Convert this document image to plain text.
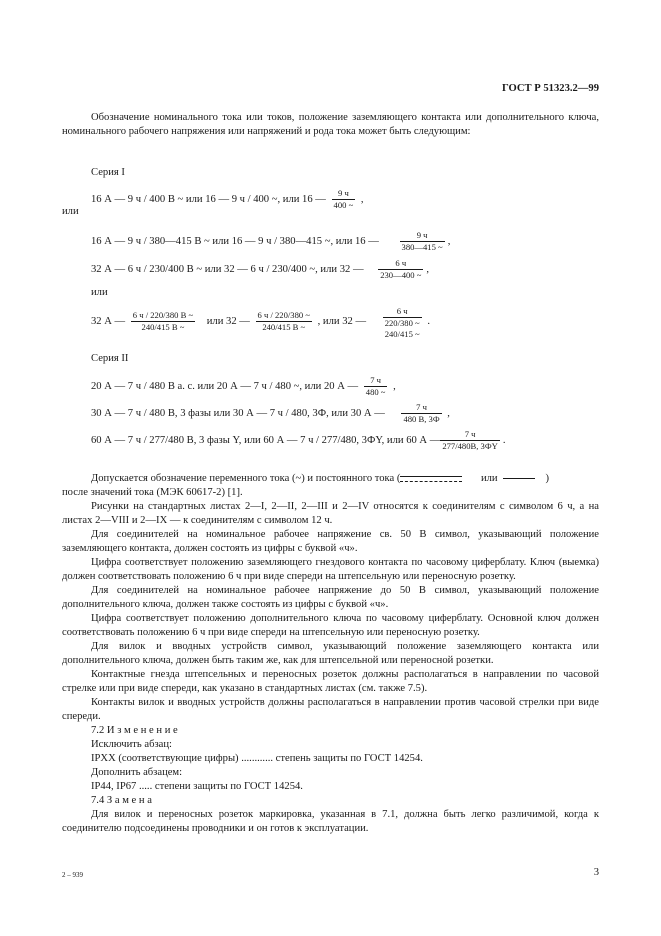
ГОСТ Р 51323.2—99

Обозначение номинального тока или токов, положение заземляющего контакта или дополнительного ключа, номинального рабочего напряжения или напряжений и рода тока может быть следующим:

Серия I
16 А — 9 ч / 400 В ~ или 16 — 9 ч / 400 ~, или 16 — $\frac{9 ч}{400 \sim}$ ,
или
16 А — 9 ч / 380—415 В ~ или 16 — 9 ч / 380—415 ~, или 16 — $\frac{9 ч}{380—415 \sim}$ ,
32 А — 6 ч / 230/400 В ~ или 32 — 6 ч / 230/400 ~, или 32 — $\frac{6 ч}{230—400 \sim}$ ,
или
32 А — $\frac{6 ч / 220/380 В \sim}{240/415 В \sim}$ или 32 — $\frac{6 ч / 220/380 \sim}{240/415 В \sim}$ , или 32 —
6 ч
220/380 ~
240/415 ~
.
Серия II
20 А — 7 ч / 480 В а. с. или 20 А — 7 ч / 480 ~, или 20 А — $\frac{7 ч}{480 \sim}$ ,
30 А — 7 ч / 480 В, 3 фазы или 30 А — 7 ч / 480, 3Ф, или 30 А — $\frac{7 ч}{480 В, 3Ф}$ ,
60 А — 7 ч / 277/480 В, 3 фазы Y, или 60 А — 7 ч / 277/480, 3ФY, или 60 А — $\frac{7 ч}{277/480В, 3ФY}$ .

Допускается обозначение переменного тока (~) и постоянного тока (	или	)

после значений тока (МЭК 60617-2) [1].

Рисунки на стандартных листах 2—I, 2—II, 2—III и 2—IV относятся к соединителям с символом 6 ч, а на листах 2—VIII и 2—IX — к соединителям с символом 12 ч.

Для соединителей на номинальное рабочее напряжение св. 50 В символ, указывающий положение заземляющего контакта, должен состоять из цифры с буквой «ч».

Цифра соответствует положению заземляющего гнездового контакта по часовому циферблату. Ключ (выемка) должен соответствовать положению 6 ч при виде спереди на штепсельную или переносную розетку.

Для соединителей на номинальное рабочее напряжение до 50 В символ, указывающий положение дополнительного ключа, должен также состоять из цифры с буквой «ч».

Цифра соответствует положению дополнительного ключа по часовому циферблату. Основной ключ должен соответствовать положению 6 ч при виде спереди на штепсельную или переносную розетку.

Для вилок и вводных устройств символ, указывающий положение заземляющего контакта или дополнительного ключа, должен быть таким же, как для штепсельной или переносной розетки.

Контактные гнезда штепсельных и переносных розеток должны располагаться в направлении по часовой стрелке или при виде спереди, как указано в стандартных листах (см. также 7.5).

Контакты вилок и вводных устройств должны располагаться в направлении против часовой стрелки при виде спереди.

7.2 И з м е н е н и е

Исключить абзац:

IPXX (соответствующие цифры) ............ степень защиты по ГОСТ 14254.

Дополнить абзацем:

IP44, IP67 ..... степени защиты по ГОСТ 14254.

7.4 З а м е н а

Для вилок и переносных розеток маркировка, указанная в 7.1, должна быть легко различимой, когда к соединителю подсоединены проводники и он готов к эксплуатации.

2 – 939	3
